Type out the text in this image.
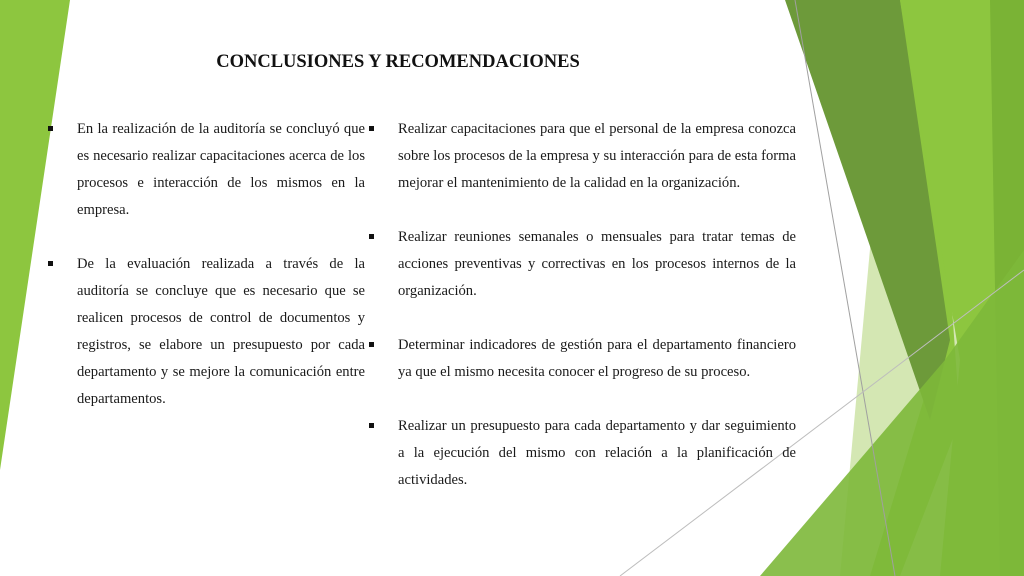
CONCLUSIONES Y RECOMENDACIONES
En la realización de la auditoría se concluyó que es necesario realizar capacitaciones acerca de los procesos e interacción de los mismos en la empresa.
De la evaluación realizada a través de la auditoría se concluye que es necesario que se realicen procesos de control de documentos y registros, se elabore un presupuesto por cada departamento y se mejore la comunicación entre departamentos.
Realizar capacitaciones para que el personal de la empresa conozca sobre los procesos de la empresa y su interacción para de esta forma mejorar el mantenimiento de la calidad en la organización.
Realizar reuniones semanales o mensuales para tratar temas de acciones preventivas y correctivas en los procesos internos de la organización.
Determinar indicadores de gestión para el departamento financiero ya que el mismo necesita conocer el progreso de su proceso.
Realizar un presupuesto para cada departamento y dar seguimiento a la ejecución del mismo con relación a la planificación de actividades.
